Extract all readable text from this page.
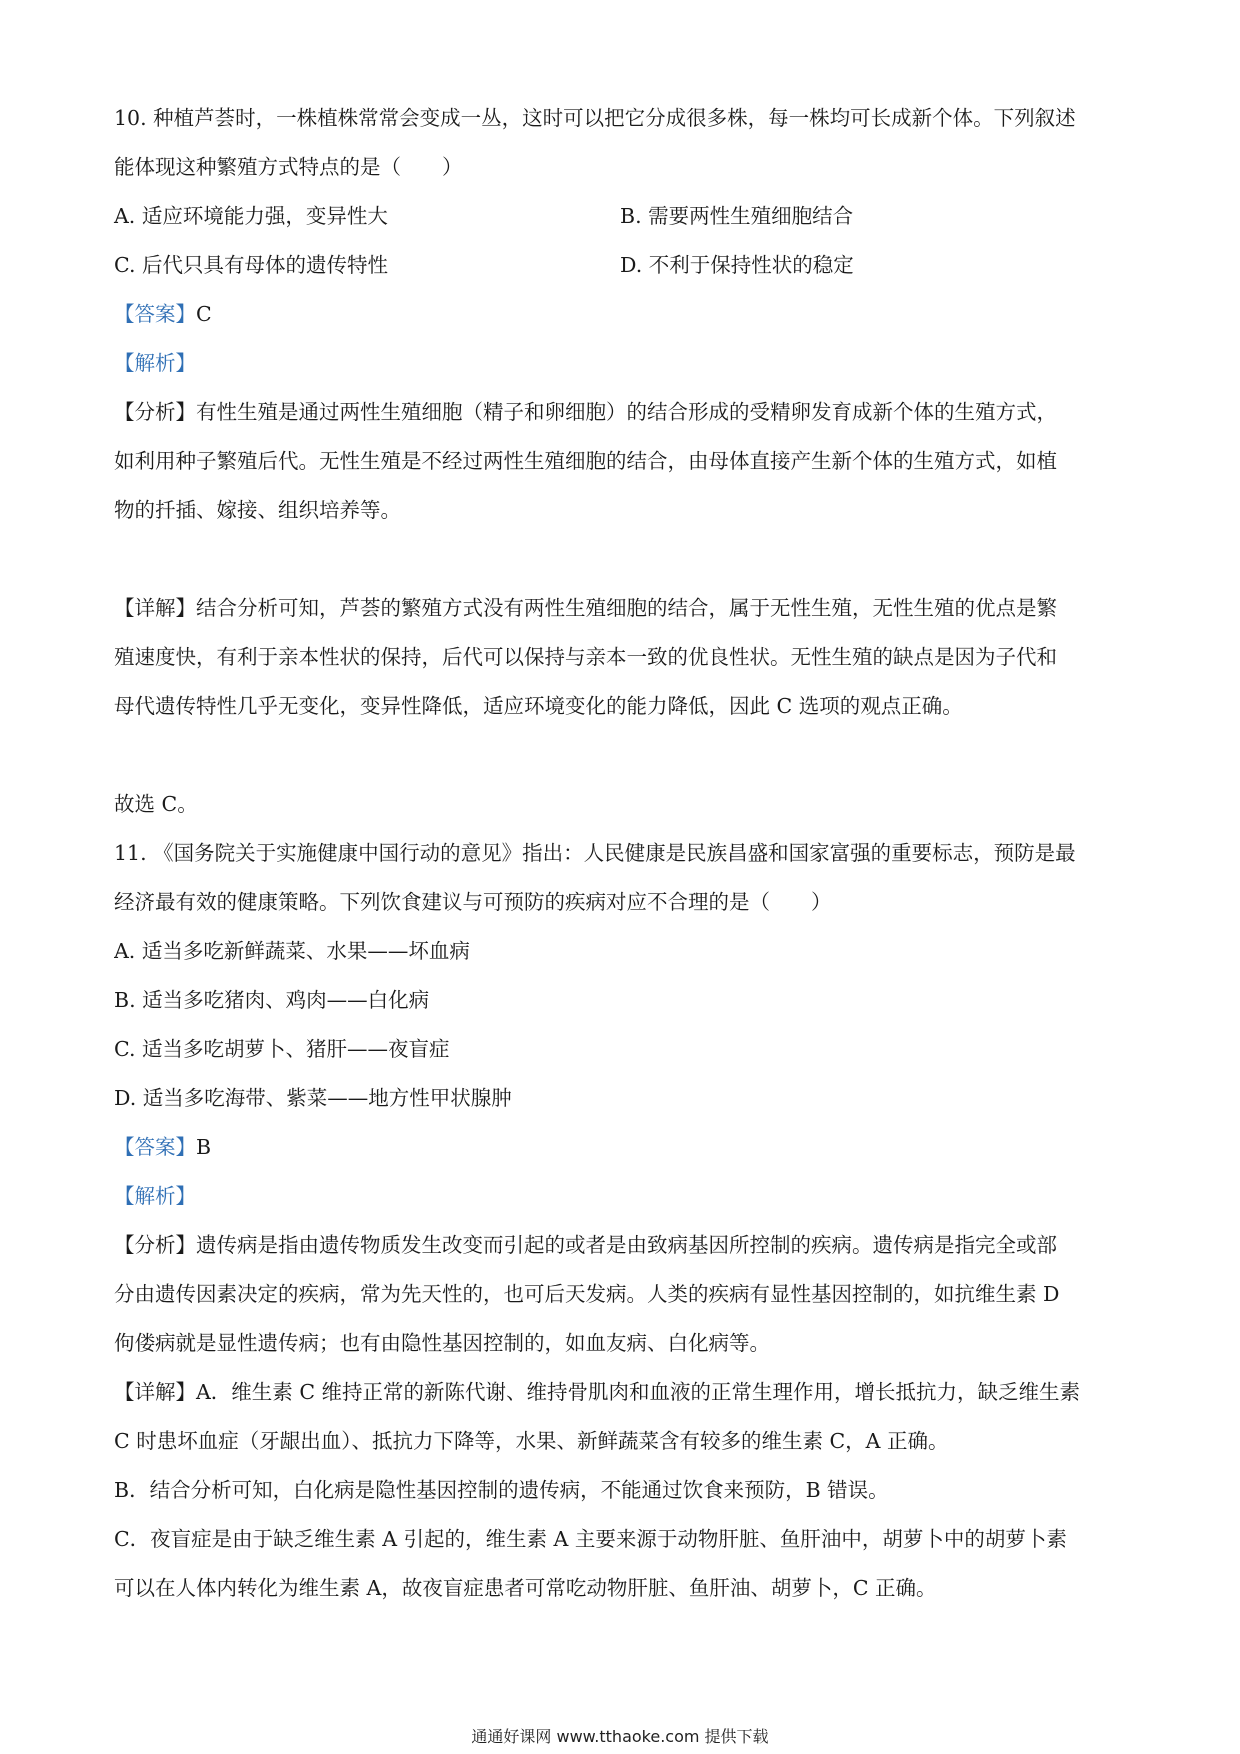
10. 种植芦荟时，一株植株常常会变成一丛，这时可以把它分成很多株，每一株均可长成新个体。下列叙述
能体现这种繁殖方式特点的是（　　）
A. 适应环境能力强，变异性大	B. 需要两性生殖细胞结合
C. 后代只具有母体的遗传特性	D. 不利于保持性状的稳定
【答案】C
【解析】
【分析】有性生殖是通过两性生殖细胞（精子和卵细胞）的结合形成的受精卵发育成新个体的生殖方式，
如利用种子繁殖后代。无性生殖是不经过两性生殖细胞的结合，由母体直接产生新个体的生殖方式，如植
物的扦插、嫁接、组织培养等。
【详解】结合分析可知，芦荟的繁殖方式没有两性生殖细胞的结合，属于无性生殖，无性生殖的优点是繁
殖速度快，有利于亲本性状的保持，后代可以保持与亲本一致的优良性状。无性生殖的缺点是因为子代和
母代遗传特性几乎无变化，变异性降低，适应环境变化的能力降低，因此 C 选项的观点正确。
故选 C。
11. 《国务院关于实施健康中国行动的意见》指出：人民健康是民族昌盛和国家富强的重要标志，预防是最
经济最有效的健康策略。下列饮食建议与可预防的疾病对应不合理的是（　　）
A. 适当多吃新鲜蔬菜、水果——坏血病
B. 适当多吃猪肉、鸡肉——白化病
C. 适当多吃胡萝卜、猪肝——夜盲症
D. 适当多吃海带、紫菜——地方性甲状腺肿
【答案】B
【解析】
【分析】遗传病是指由遗传物质发生改变而引起的或者是由致病基因所控制的疾病。遗传病是指完全或部
分由遗传因素决定的疾病，常为先天性的，也可后天发病。人类的疾病有显性基因控制的，如抗维生素 D
佝偻病就是显性遗传病；也有由隐性基因控制的，如血友病、白化病等。
【详解】A．维生素 C 维持正常的新陈代谢、维持骨肌肉和血液的正常生理作用，增长抵抗力，缺乏维生素
C 时患坏血症（牙龈出血）、抵抗力下降等，水果、新鲜蔬菜含有较多的维生素 C，A 正确。
B．结合分析可知，白化病是隐性基因控制的遗传病，不能通过饮食来预防，B 错误。
C．夜盲症是由于缺乏维生素 A 引起的，维生素 A 主要来源于动物肝脏、鱼肝油中，胡萝卜中的胡萝卜素
可以在人体内转化为维生素 A，故夜盲症患者可常吃动物肝脏、鱼肝油、胡萝卜，C 正确。
通通好课网 www.tthaoke.com 提供下载
